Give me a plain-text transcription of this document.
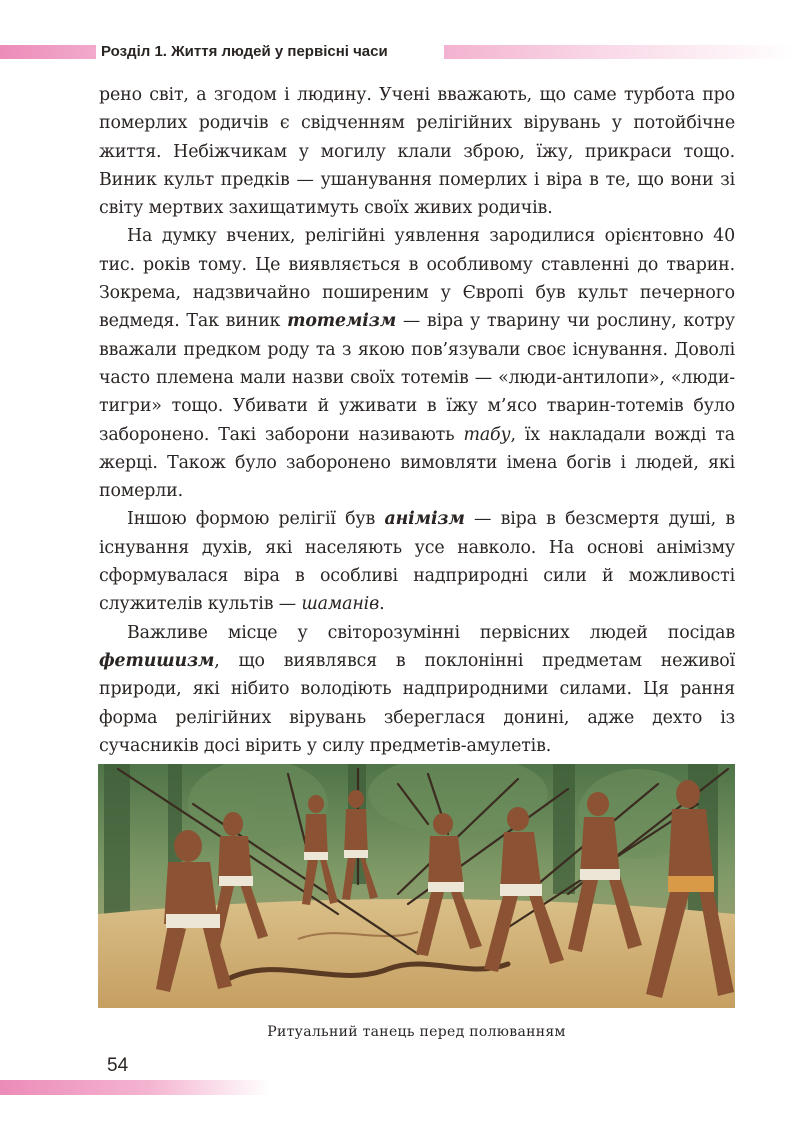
Розділ 1. Життя людей у первісні часи

рено світ, а згодом і людину. Учені вважають, що саме турбота про померлих родичів є свідченням релігійних вірувань у потойбічне життя. Небіжчикам у могилу клали зброю, їжу, прикраси тощо. Виник культ предків — ушанування померлих і віра в те, що вони зі світу мертвих захищатимуть своїх живих родичів.

На думку вчених, релігійні уявлення зародилися орієнтовно 40 тис. років тому. Це виявляється в особливому ставленні до тварин. Зокрема, надзвичайно поширеним у Європі був культ печерного ведмедя. Так виник тотемізм — віра у тварину чи рослину, котру вважали предком роду та з якою пов’язували своє існування. Доволі часто племена мали назви своїх тотемів — «люди-антилопи», «люди-тигри» тощо. Убивати й уживати в їжу м’ясо тварин-тотемів було заборонено. Такі заборони називають табу, їх накладали вожді та жерці. Також було заборонено вимовляти імена богів і людей, які померли.

Іншою формою релігії був анімізм — віра в безсмертя душі, в існування духів, які населяють усе навколо. На основі анімізму сформувалася віра в особливі надприродні сили й можливості служителів культів — шаманів.

Важливе місце у світорозумінні первісних людей посідав фетишизм, що виявлявся в поклонінні предметам неживої природи, які нібито володіють надприродними силами. Ця рання форма релігійних вірувань збереглася донині, адже дехто із сучасників досі вірить у силу предметів-амулетів.

Ритуальний танець перед полюванням
54
